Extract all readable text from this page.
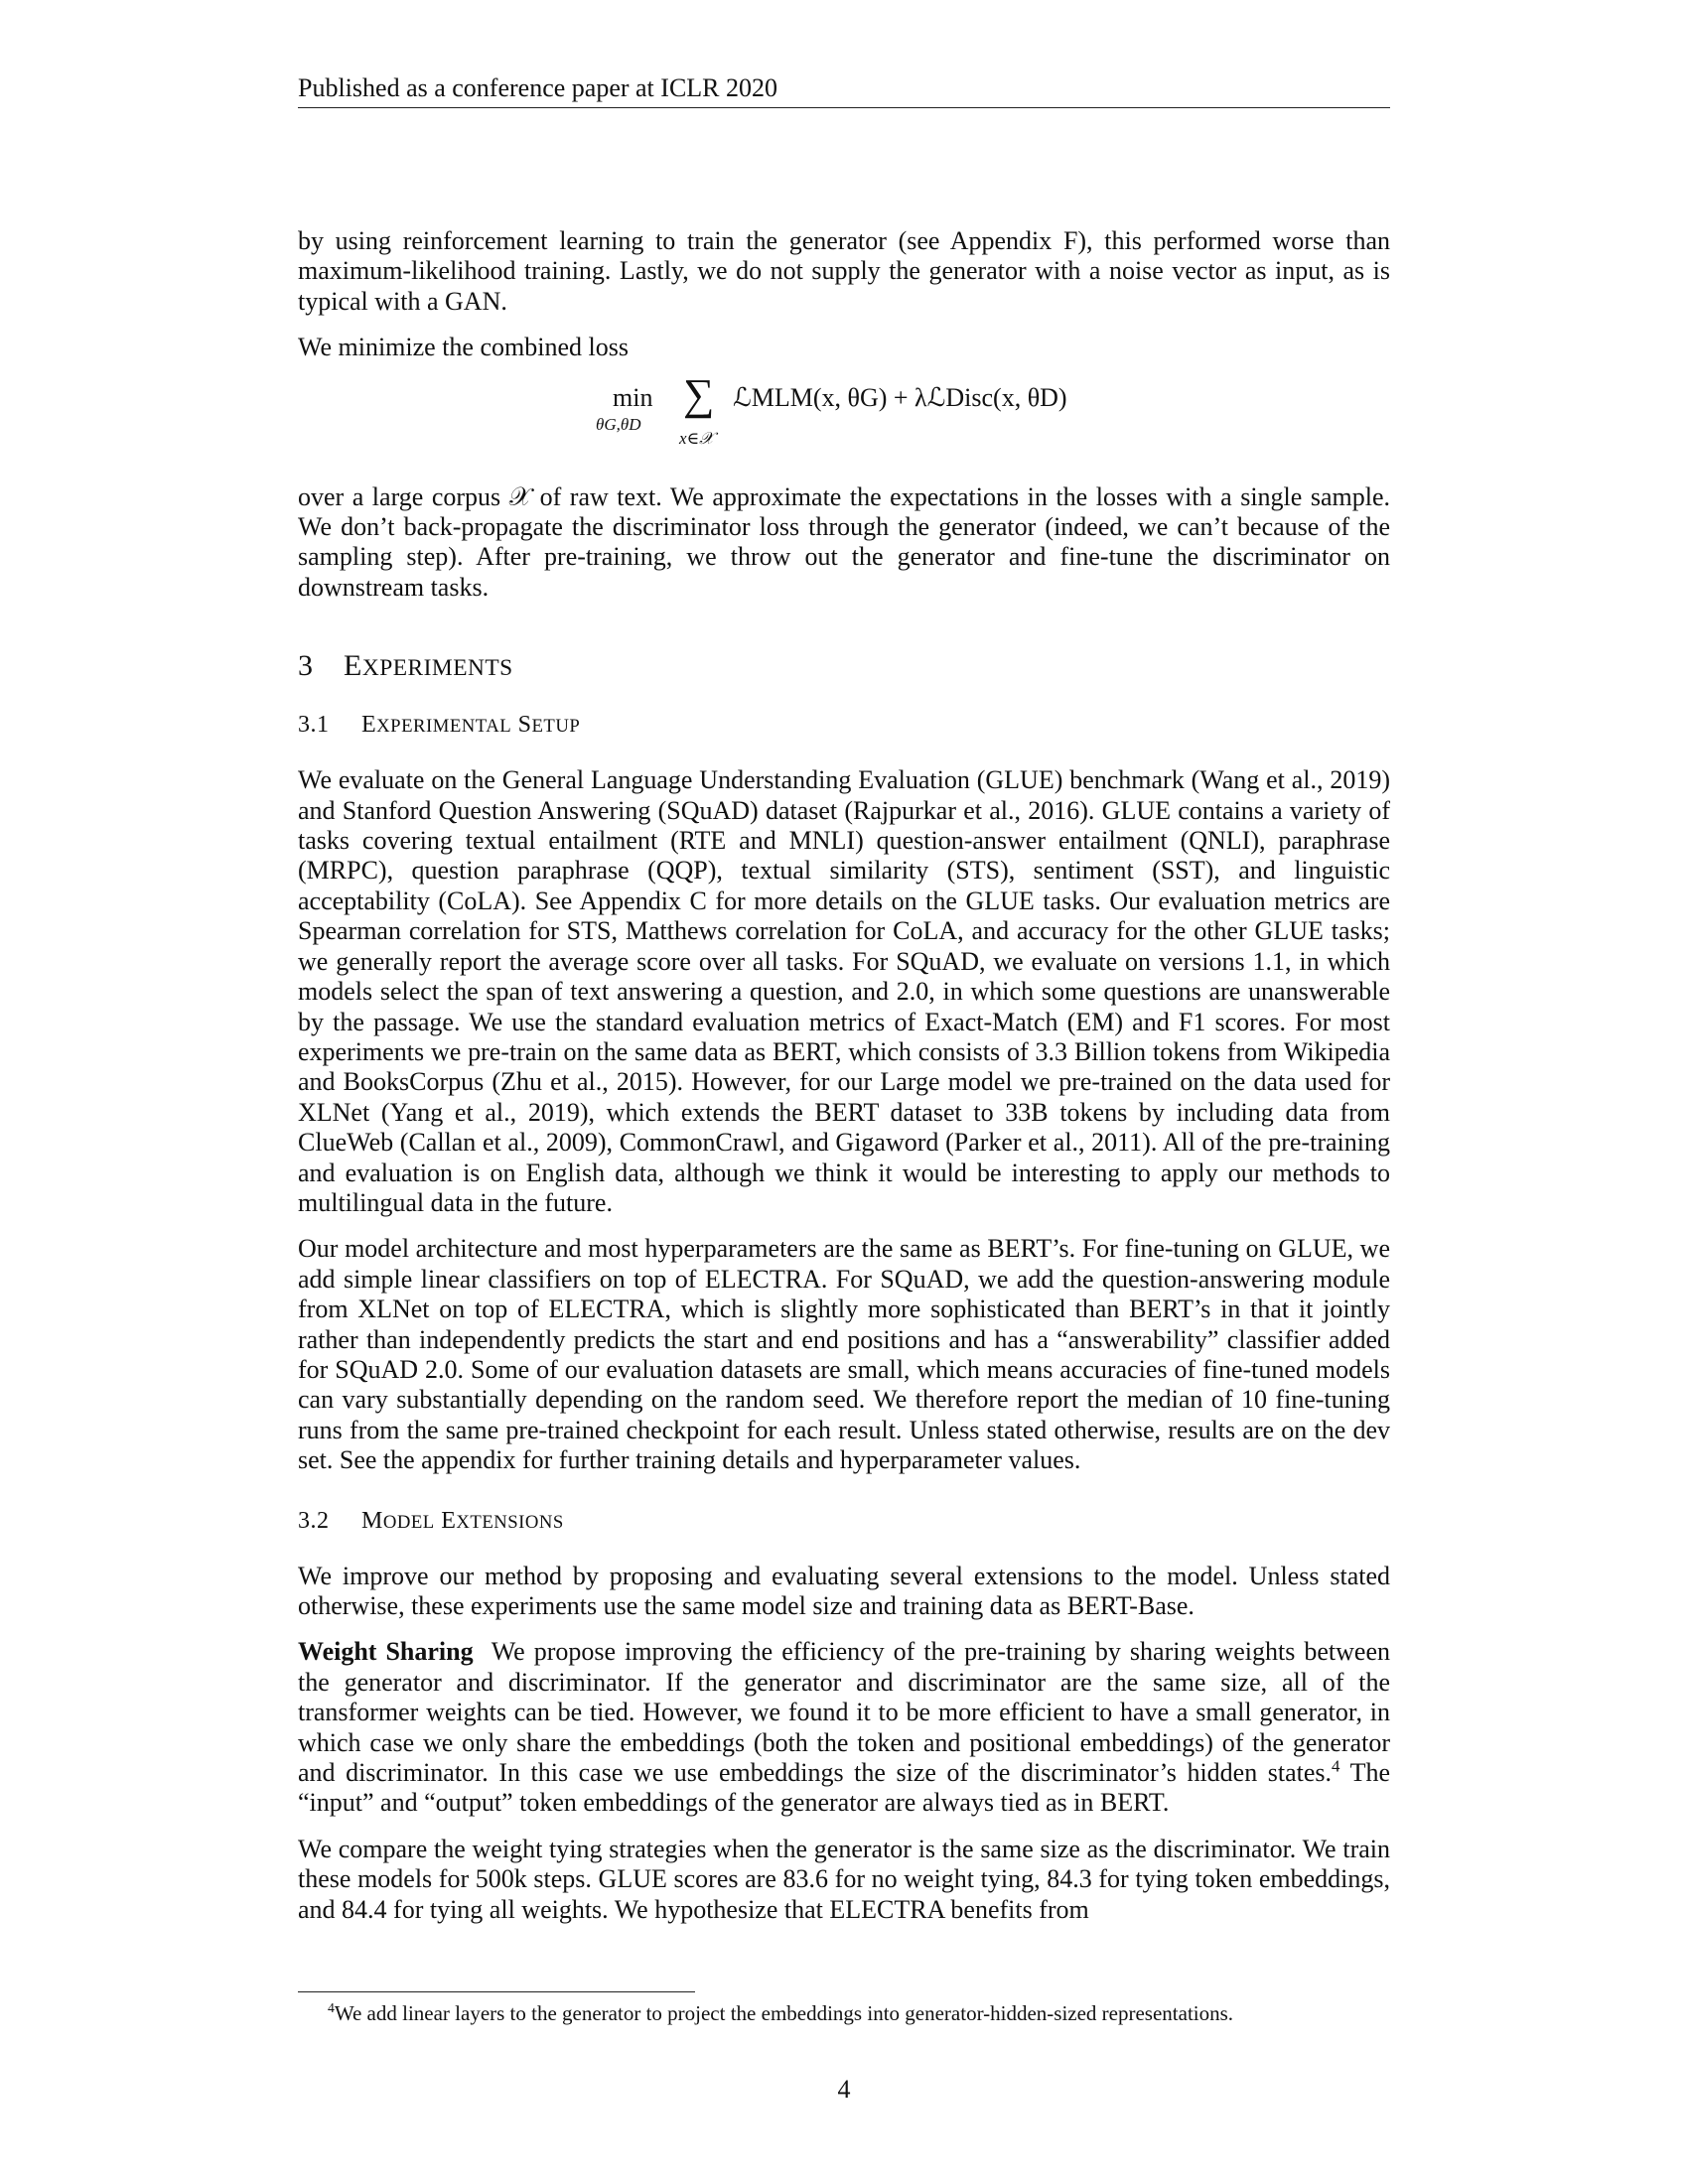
Published as a conference paper at ICLR 2020

by using reinforcement learning to train the generator (see Appendix F), this performed worse than maximum-likelihood training. Lastly, we do not supply the generator with a noise vector as input, as is typical with a GAN.

We minimize the combined loss

min
θG,θD
∑
x∈𝒳
ℒMLM(x, θG) + λℒDisc(x, θD)

over a large corpus 𝒳 of raw text. We approximate the expectations in the losses with a single sample. We don’t back-propagate the discriminator loss through the generator (indeed, we can’t because of the sampling step). After pre-training, we throw out the generator and fine-tune the discriminator on downstream tasks.

3 EXPERIMENTS
3.1 EXPERIMENTAL SETUP

We evaluate on the General Language Understanding Evaluation (GLUE) benchmark (Wang et al., 2019) and Stanford Question Answering (SQuAD) dataset (Rajpurkar et al., 2016). GLUE contains a variety of tasks covering textual entailment (RTE and MNLI) question-answer entailment (QNLI), paraphrase (MRPC), question paraphrase (QQP), textual similarity (STS), sentiment (SST), and linguistic acceptability (CoLA). See Appendix C for more details on the GLUE tasks. Our evaluation metrics are Spearman correlation for STS, Matthews correlation for CoLA, and accuracy for the other GLUE tasks; we generally report the average score over all tasks. For SQuAD, we evaluate on versions 1.1, in which models select the span of text answering a question, and 2.0, in which some questions are unanswerable by the passage. We use the standard evaluation metrics of Exact-Match (EM) and F1 scores. For most experiments we pre-train on the same data as BERT, which consists of 3.3 Billion tokens from Wikipedia and BooksCorpus (Zhu et al., 2015). However, for our Large model we pre-trained on the data used for XLNet (Yang et al., 2019), which extends the BERT dataset to 33B tokens by including data from ClueWeb (Callan et al., 2009), CommonCrawl, and Gigaword (Parker et al., 2011). All of the pre-training and evaluation is on English data, although we think it would be interesting to apply our methods to multilingual data in the future.

Our model architecture and most hyperparameters are the same as BERT’s. For fine-tuning on GLUE, we add simple linear classifiers on top of ELECTRA. For SQuAD, we add the question-answering module from XLNet on top of ELECTRA, which is slightly more sophisticated than BERT’s in that it jointly rather than independently predicts the start and end positions and has a “answerability” classifier added for SQuAD 2.0. Some of our evaluation datasets are small, which means accuracies of fine-tuned models can vary substantially depending on the random seed. We therefore report the median of 10 fine-tuning runs from the same pre-trained checkpoint for each result. Unless stated otherwise, results are on the dev set. See the appendix for further training details and hyperparameter values.

3.2 MODEL EXTENSIONS

We improve our method by proposing and evaluating several extensions to the model. Unless stated otherwise, these experiments use the same model size and training data as BERT-Base.

Weight Sharing We propose improving the efficiency of the pre-training by sharing weights between the generator and discriminator. If the generator and discriminator are the same size, all of the transformer weights can be tied. However, we found it to be more efficient to have a small generator, in which case we only share the embeddings (both the token and positional embeddings) of the generator and discriminator. In this case we use embeddings the size of the discriminator’s hidden states.$^4$ The “input” and “output” token embeddings of the generator are always tied as in BERT.

We compare the weight tying strategies when the generator is the same size as the discriminator. We train these models for 500k steps. GLUE scores are 83.6 for no weight tying, 84.3 for tying token embeddings, and 84.4 for tying all weights. We hypothesize that ELECTRA benefits from

$^4$We add linear layers to the generator to project the embeddings into generator-hidden-sized representations.
4
